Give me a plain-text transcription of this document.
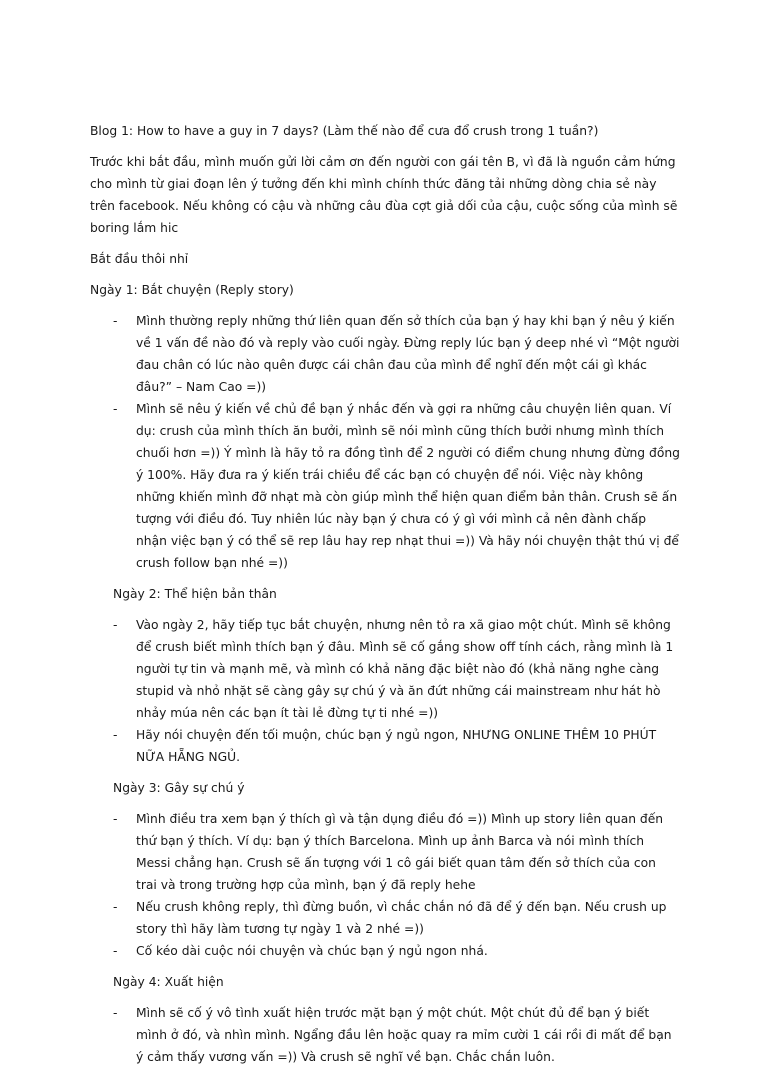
Blog 1: How to have a guy in 7 days? (Làm thế nào để cưa đổ crush trong 1 tuần?)

Trước khi bắt đầu, mình muốn gửi lời cảm ơn đến người con gái tên B, vì đã là nguồn cảm hứng cho mình từ giai đoạn lên ý tưởng đến khi mình chính thức đăng tải những dòng chia sẻ này trên facebook. Nếu không có cậu và những câu đùa cợt giả dối của cậu, cuộc sống của mình sẽ boring lắm hic

Bắt đầu thôi nhỉ

Ngày 1: Bắt chuyện (Reply story)

- Mình thường reply những thứ liên quan đến sở thích của bạn ý hay khi bạn ý nêu ý kiến về 1 vấn đề nào đó và reply vào cuối ngày. Đừng reply lúc bạn ý deep nhé vì “Một người đau chân có lúc nào quên được cái chân đau của mình để nghĩ đến một cái gì khác đâu?” – Nam Cao =))
- Mình sẽ nêu ý kiến về chủ đề bạn ý nhắc đến và gợi ra những câu chuyện liên quan. Ví dụ: crush của mình thích ăn bưởi, mình sẽ nói mình cũng thích bưởi nhưng mình thích chuối hơn =)) Ý mình là hãy tỏ ra đồng tình để 2 người có điểm chung nhưng đừng đồng ý 100%. Hãy đưa ra ý kiến trái chiều để các bạn có chuyện để nói. Việc này không những khiến mình đỡ nhạt mà còn giúp mình thể hiện quan điểm bản thân. Crush sẽ ấn tượng với điều đó. Tuy nhiên lúc này bạn ý chưa có ý gì với mình cả nên đành chấp nhận việc bạn ý có thể sẽ rep lâu hay rep nhạt thui =)) Và hãy nói chuyện thật thú vị để crush follow bạn nhé =))

Ngày 2: Thể hiện bản thân

- Vào ngày 2, hãy tiếp tục bắt chuyện, nhưng nên tỏ ra xã giao một chút. Mình sẽ không để crush biết mình thích bạn ý đâu. Mình sẽ cố gắng show off tính cách, rằng mình là 1 người tự tin và mạnh mẽ, và mình có khả năng đặc biệt nào đó (khả năng nghe càng stupid và nhỏ nhặt sẽ càng gây sự chú ý và ăn đứt những cái mainstream như hát hò nhảy múa nên các bạn ít tài lẻ đừng tự ti nhé =))
- Hãy nói chuyện đến tối muộn, chúc bạn ý ngủ ngon, NHƯNG ONLINE THÊM 10 PHÚT NỮA HẴNG NGỦ.

Ngày 3: Gây sự chú ý

- Mình điều tra xem bạn ý thích gì và tận dụng điều đó =)) Mình up story liên quan đến thứ bạn ý thích. Ví dụ: bạn ý thích Barcelona. Mình up ảnh Barca và nói mình thích Messi chẳng hạn. Crush sẽ ấn tượng với 1 cô gái biết quan tâm đến sở thích của con trai và trong trường hợp của mình, bạn ý đã reply hehe
- Nếu crush không reply, thì đừng buồn, vì chắc chắn nó đã để ý đến bạn. Nếu crush up story thì hãy làm tương tự ngày 1 và 2 nhé =))
- Cố kéo dài cuộc nói chuyện và chúc bạn ý ngủ ngon nhá.

Ngày 4: Xuất hiện

- Mình sẽ cố ý vô tình xuất hiện trước mặt bạn ý một chút. Một chút đủ để bạn ý biết mình ở đó, và nhìn mình. Ngẩng đầu lên hoặc quay ra mỉm cười 1 cái rồi đi mất để bạn ý cảm thấy vương vấn =)) Và crush sẽ nghĩ về bạn. Chắc chắn luôn.
